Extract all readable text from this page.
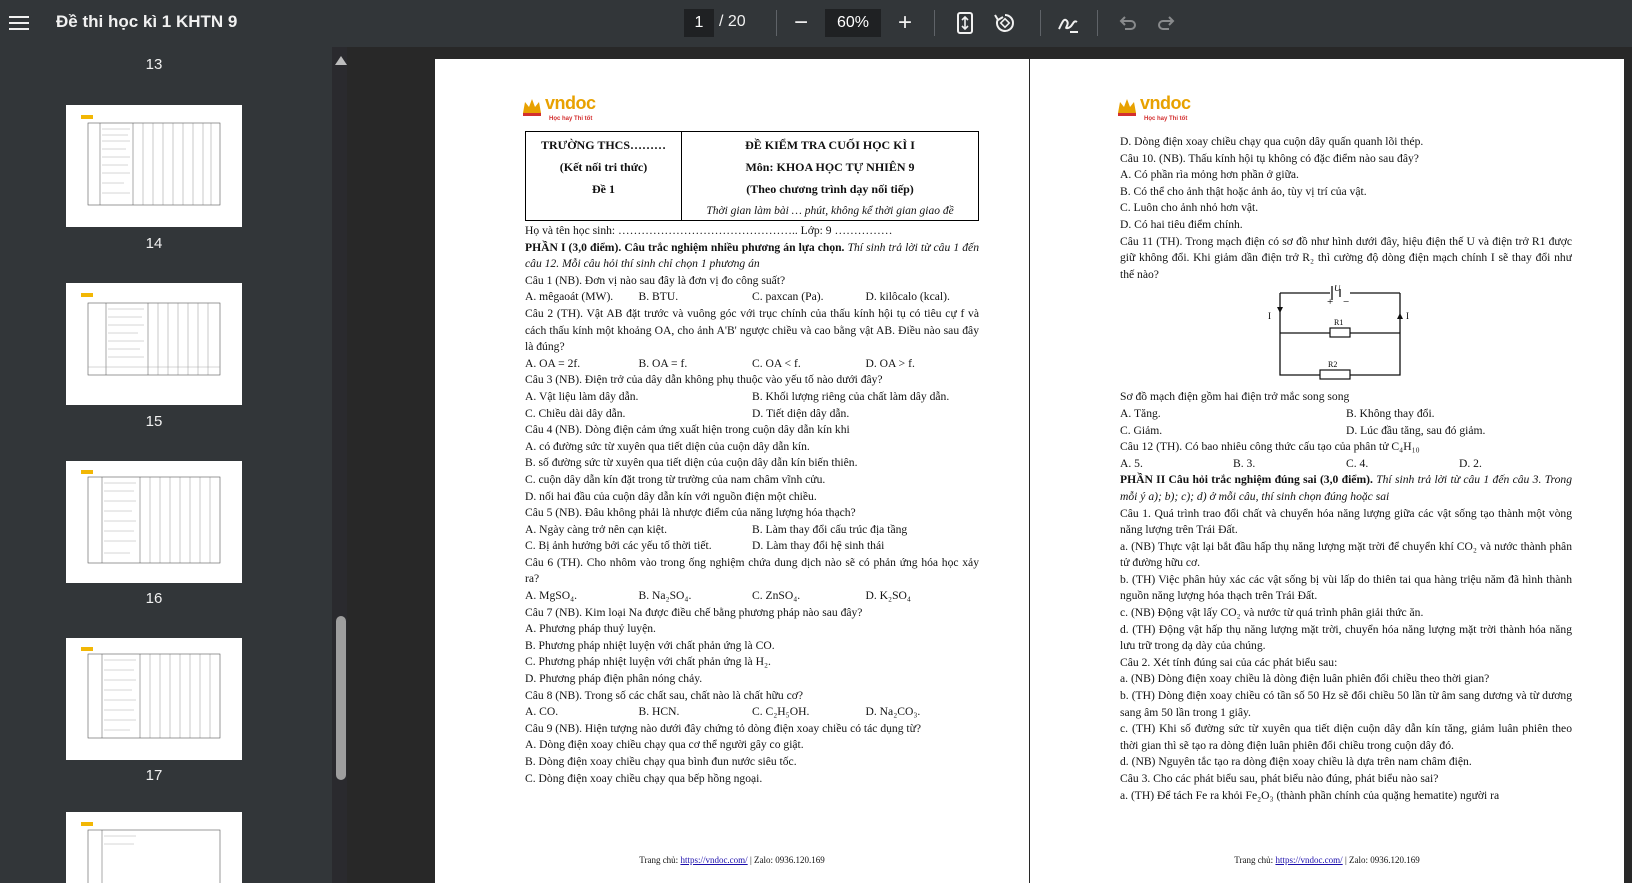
Đề thi học kì 1 KHTN 9	1 / 20	−	60%	+
13
14
15
16
17
vndoc
Học hay Thi tốt
TRƯỜNG THCS………
(Kết nối tri thức)
Đề 1
ĐỀ KIỂM TRA CUỐI HỌC KÌ I
Môn: KHOA HỌC TỰ NHIÊN 9
(Theo chương trình dạy nối tiếp)
Thời gian làm bài … phút, không kể thời gian giao đề
Họ và tên học sinh: ……………………………………….. Lớp: 9 ……………
PHẦN I (3,0 điểm). Câu trắc nghiệm nhiều phương án lựa chọn. Thí sinh trả lời từ câu 1 đến câu 12. Mỗi câu hỏi thí sinh chỉ chọn 1 phương án
Câu 1 (NB). Đơn vị nào sau đây là đơn vị đo công suất?
A. mêgaoát (MW).	B. BTU.	C. paxcan (Pa).	D. kilôcalo (kcal).
Câu 2 (TH). Vật AB đặt trước và vuông góc với trục chính của thấu kính hội tụ có tiêu cự f và cách thấu kính một khoảng OA, cho ảnh A'B' ngược chiều và cao bằng vật AB. Điều nào sau đây là đúng?
A. OA = 2f.	B. OA = f.	C. OA < f.	D. OA > f.
Câu 3 (NB). Điện trở của dây dẫn không phụ thuộc vào yếu tố nào dưới đây?
A. Vật liệu làm dây dẫn.	B. Khối lượng riêng của chất làm dây dẫn.
C. Chiều dài dây dẫn.	D. Tiết diện dây dẫn.
Câu 4 (NB). Dòng điện cảm ứng xuất hiện trong cuộn dây dẫn kín khi
A. có đường sức từ xuyên qua tiết diện của cuộn dây dẫn kín.
B. số đường sức từ xuyên qua tiết diện của cuộn dây dẫn kín biến thiên.
C. cuộn dây dẫn kín đặt trong từ trường của nam châm vĩnh cửu.
D. nối hai đầu của cuộn dây dẫn kín với nguồn điện một chiều.
Câu 5 (NB). Đâu không phải là nhược điểm của năng lượng hóa thạch?
A. Ngày càng trở nên cạn kiệt.	B. Làm thay đổi cấu trúc địa tầng
C. Bị ảnh hưởng bởi các yếu tố thời tiết.	D. Làm thay đổi hệ sinh thái
Câu 6 (TH). Cho nhôm vào trong ống nghiệm chứa dung dịch nào sẽ có phản ứng hóa học xảy ra?
A. MgSO₄.	B. Na₂SO₄.	C. ZnSO₄.	D. K₂SO₄
Câu 7 (NB). Kim loại Na được điều chế bằng phương pháp nào sau đây?
A. Phương pháp thuỷ luyện.
B. Phương pháp nhiệt luyện với chất phản ứng là CO.
C. Phương pháp nhiệt luyện với chất phản ứng là H₂.
D. Phương pháp điện phân nóng chảy.
Câu 8 (NB). Trong số các chất sau, chất nào là chất hữu cơ?
A. CO.	B. HCN.	C. C₂H₅OH.	D. Na₂CO₃.
Câu 9 (NB). Hiện tượng nào dưới đây chứng tỏ dòng điện xoay chiều có tác dụng từ?
A. Dòng điện xoay chiều chạy qua cơ thể người gây co giật.
B. Dòng điện xoay chiều chạy qua bình đun nước siêu tốc.
C. Dòng điện xoay chiều chạy qua bếp hồng ngoại.
Trang chủ: https://vndoc.com/ | Zalo: 0936.120.169
vndoc
Học hay Thi tốt
D. Dòng điện xoay chiều chạy qua cuộn dây quấn quanh lõi thép.
Câu 10. (NB). Thấu kính hội tụ không có đặc điểm nào sau đây?
A. Có phần rìa mỏng hơn phần ở giữa.
B. Có thể cho ảnh thật hoặc ảnh ảo, tùy vị trí của vật.
C. Luôn cho ảnh nhỏ hơn vật.
D. Có hai tiêu điểm chính.
Câu 11 (TH). Trong mạch điện có sơ đồ như hình dưới đây, hiệu điện thế U và điện trở R1 được giữ không đổi. Khi giảm dần điện trở R₂ thì cường độ dòng điện mạch chính I sẽ thay đổi như thế nào?
+ −
U
R1
R2
I	I
Sơ đồ mạch điện gồm hai điện trở mắc song song
A. Tăng.	B. Không thay đổi.
C. Giảm.	D. Lúc đầu tăng, sau đó giảm.
Câu 12 (TH). Có bao nhiêu công thức cấu tạo của phân tử C₄H₁₀
A. 5.	B. 3.	C. 4.	D. 2.
PHẦN II Câu hỏi trắc nghiệm đúng sai (3,0 điểm). Thí sinh trả lời từ câu 1 đến câu 3. Trong mỗi ý a); b); c); d) ở mỗi câu, thí sinh chọn đúng hoặc sai
Câu 1. Quá trình trao đổi chất và chuyển hóa năng lượng giữa các vật sống tạo thành một vòng năng lượng trên Trái Đất.
a. (NB) Thực vật lại bắt đầu hấp thụ năng lượng mặt trời để chuyển khí CO₂ và nước thành phân tử đường hữu cơ.
b. (TH) Việc phân hủy xác các vật sống bị vùi lấp do thiên tai qua hàng triệu năm đã hình thành nguồn năng lượng hóa thạch trên Trái Đất.
c. (NB) Động vật lấy CO₂ và nước từ quá trình phân giải thức ăn.
d. (TH) Động vật hấp thụ năng lượng mặt trời, chuyển hóa năng lượng mặt trời thành hóa năng lưu trữ trong dạ dày của chúng.
Câu 2. Xét tính đúng sai của các phát biểu sau:
a. (NB) Dòng điện xoay chiều là dòng điện luân phiên đổi chiều theo thời gian?
b. (TH) Dòng điện xoay chiều có tần số 50 Hz sẽ đổi chiều 50 lần từ âm sang dương và từ dương sang âm 50 lần trong 1 giây.
c. (TH) Khi số đường sức từ xuyên qua tiết diện cuộn dây dẫn kín tăng, giảm luân phiên theo thời gian thì sẽ tạo ra dòng điện luân phiên đổi chiều trong cuộn dây đó.
d. (NB) Nguyên tắc tạo ra dòng điện xoay chiều là dựa trên nam châm điện.
Câu 3. Cho các phát biểu sau, phát biểu nào đúng, phát biểu nào sai?
a. (TH) Để tách Fe ra khỏi Fe₂O₃ (thành phần chính của quặng hematite) người ra
Trang chủ: https://vndoc.com/ | Zalo: 0936.120.169
